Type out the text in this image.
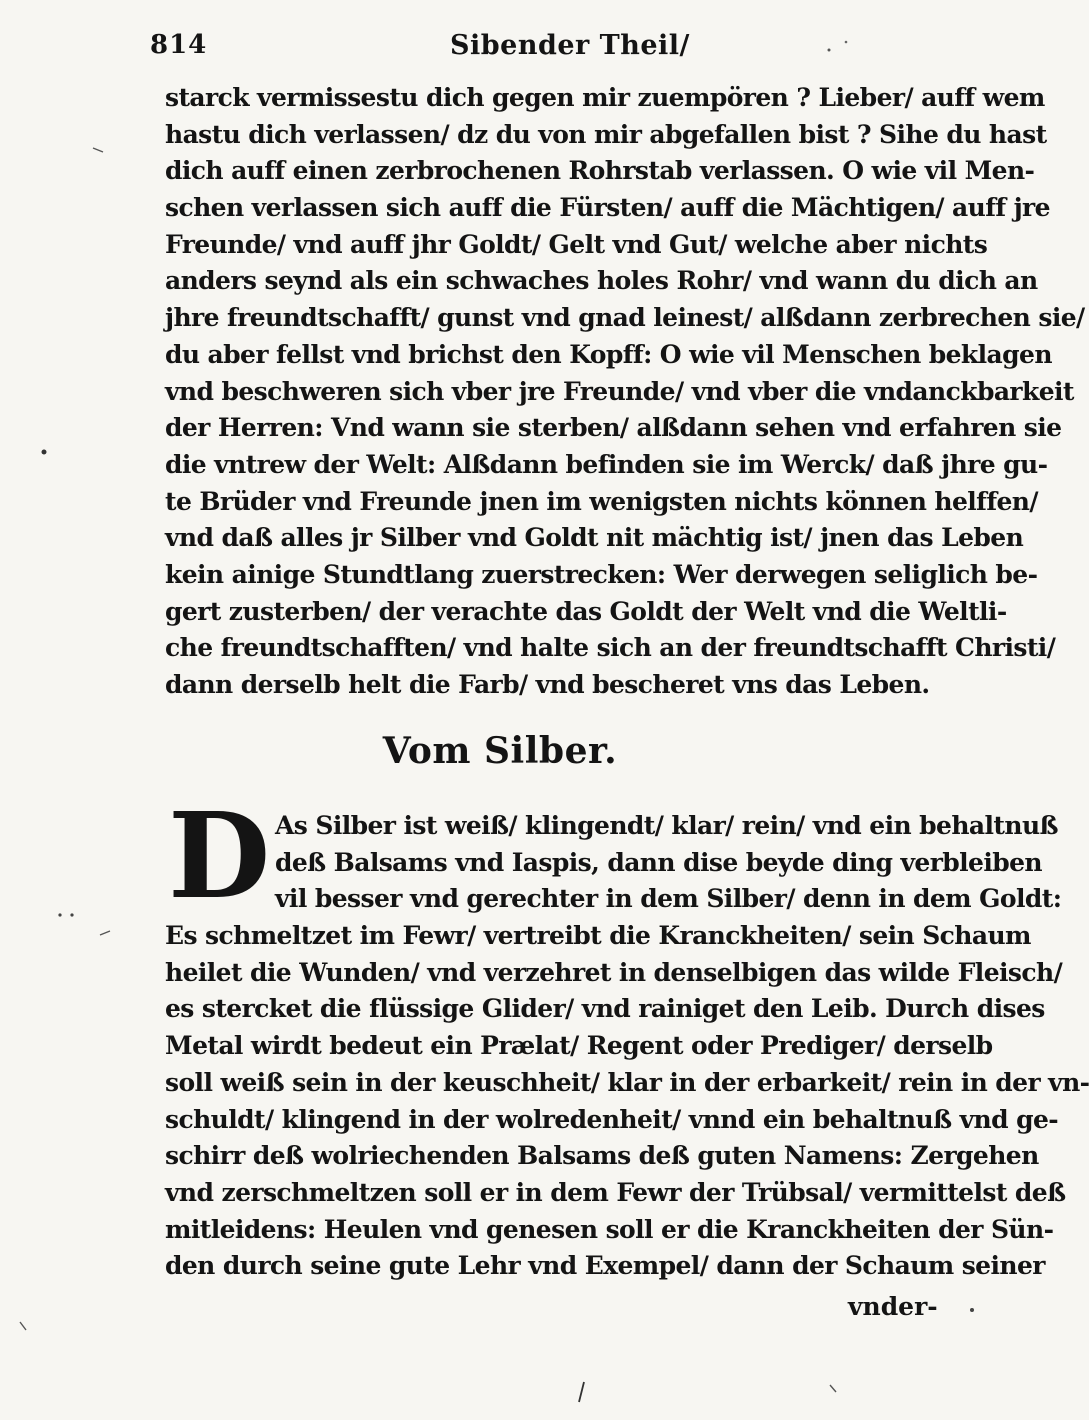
814	Sibender Theil/
starck vermissestu dich gegen mir zuempören ? Lieber/ auff wem
hastu dich verlassen/ dz du von mir abgefallen bist ? Sihe du hast
dich auff einen zerbrochenen Rohrstab verlassen. O wie vil Men-
schen verlassen sich auff die Fürsten/ auff die Mächtigen/ auff jre
Freunde/ vnd auff jhr Goldt/ Gelt vnd Gut/ welche aber nichts
anders seynd als ein schwaches holes Rohr/ vnd wann du dich an
jhre freundtschafft/ gunst vnd gnad leinest/ alßdann zerbrechen sie/
du aber fellst vnd brichst den Kopff: O wie vil Menschen beklagen
vnd beschweren sich vber jre Freunde/ vnd vber die vndanckbarkeit
der Herren: Vnd wann sie sterben/ alßdann sehen vnd erfahren sie
die vntrew der Welt: Alßdann befinden sie im Werck/ daß jhre gu-
te Brüder vnd Freunde jnen im wenigsten nichts können helffen/
vnd daß alles jr Silber vnd Goldt nit mächtig ist/ jnen das Leben
kein ainige Stundtlang zuerstrecken: Wer derwegen seliglich be-
gert zusterben/ der verachte das Goldt der Welt vnd die Weltli-
che freundtschafften/ vnd halte sich an der freundtschafft Christi/
dann derselb helt die Farb/ vnd bescheret vns das Leben.
Vom Silber.
D As Silber ist weiß/ klingendt/ klar/ rein/ vnd ein behaltnuß
deß Balsams vnd Iaspis, dann dise beyde ding verbleiben
vil besser vnd gerechter in dem Silber/ denn in dem Goldt:
Es schmeltzet im Fewr/ vertreibt die Kranckheiten/ sein Schaum
heilet die Wunden/ vnd verzehret in denselbigen das wilde Fleisch/
es stercket die flüssige Glider/ vnd rainiget den Leib. Durch dises
Metal wirdt bedeut ein Prælat/ Regent oder Prediger/ derselb
soll weiß sein in der keuschheit/ klar in der erbarkeit/ rein in der vn-
schuldt/ klingend in der wolredenheit/ vnnd ein behaltnuß vnd ge-
schirr deß wolriechenden Balsams deß guten Namens: Zergehen
vnd zerschmeltzen soll er in dem Fewr der Trübsal/ vermittelst deß
mitleidens: Heulen vnd genesen soll er die Kranckheiten der Sün-
den durch seine gute Lehr vnd Exempel/ dann der Schaum seiner
vnder-
